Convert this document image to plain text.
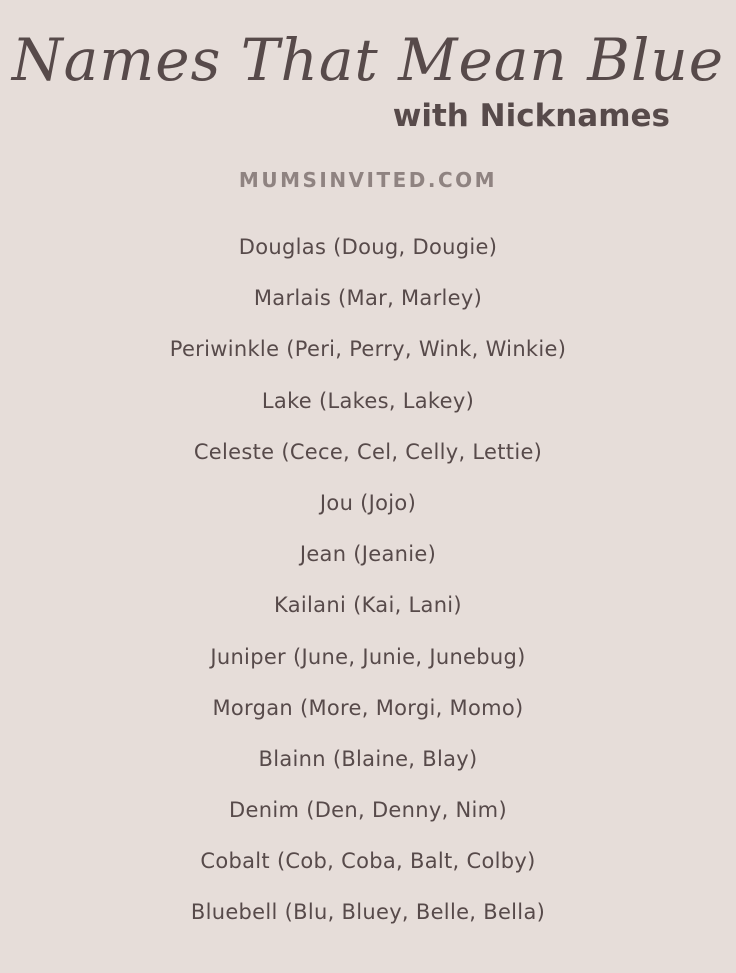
Names That Mean Blue
with Nicknames
MUMSINVITED.COM
Douglas (Doug, Dougie)
Marlais (Mar, Marley)
Periwinkle (Peri, Perry, Wink, Winkie)
Lake (Lakes, Lakey)
Celeste (Cece, Cel, Celly, Lettie)
Jou (Jojo)
Jean (Jeanie)
Kailani (Kai, Lani)
Juniper (June, Junie, Junebug)
Morgan (More, Morgi, Momo)
Blainn (Blaine, Blay)
Denim (Den, Denny, Nim)
Cobalt (Cob, Coba, Balt, Colby)
Bluebell (Blu, Bluey, Belle, Bella)
